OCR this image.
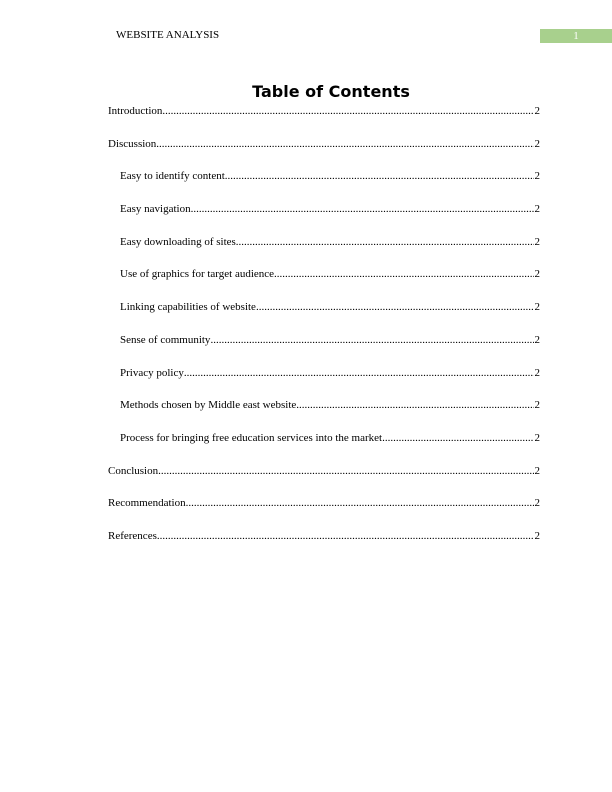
WEBSITE ANALYSIS	1
Table of Contents
Introduction .....	2
Discussion .....	2
Easy to identify content .....	2
Easy navigation .....	2
Easy downloading of sites .....	2
Use of graphics for target audience .....	2
Linking capabilities of website .....	2
Sense of community .....	2
Privacy policy .....	2
Methods chosen by Middle east website .....	2
Process for bringing free education services into the market .....	2
Conclusion .....	2
Recommendation .....	2
References .....	2
